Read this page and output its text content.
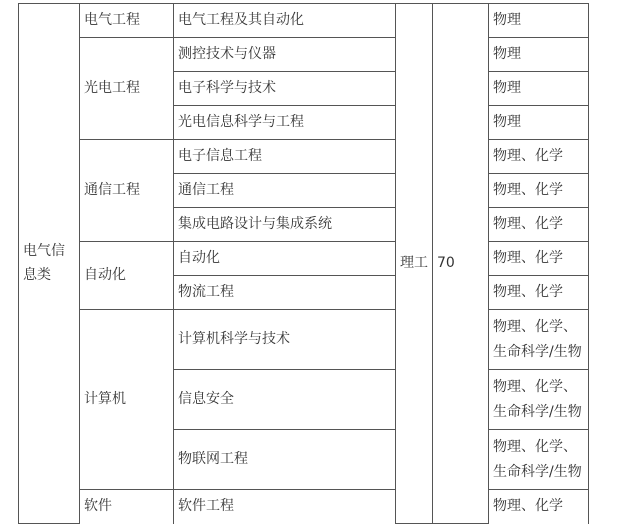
电气信息类	电气工程	电气工程及其自动化	理工	70	物理
	光电工程	测控技术与仪器			物理
		电子科学与技术			物理
		光电信息科学与工程			物理
	通信工程	电子信息工程			物理、化学
		通信工程			物理、化学
		集成电路设计与集成系统			物理、化学
	自动化	自动化			物理、化学
		物流工程			物理、化学
	计算机	计算机科学与技术			物理、化学、生命科学/生物
		信息安全			物理、化学、生命科学/生物
		物联网工程			物理、化学、生命科学/生物
	软件	软件工程			物理、化学
